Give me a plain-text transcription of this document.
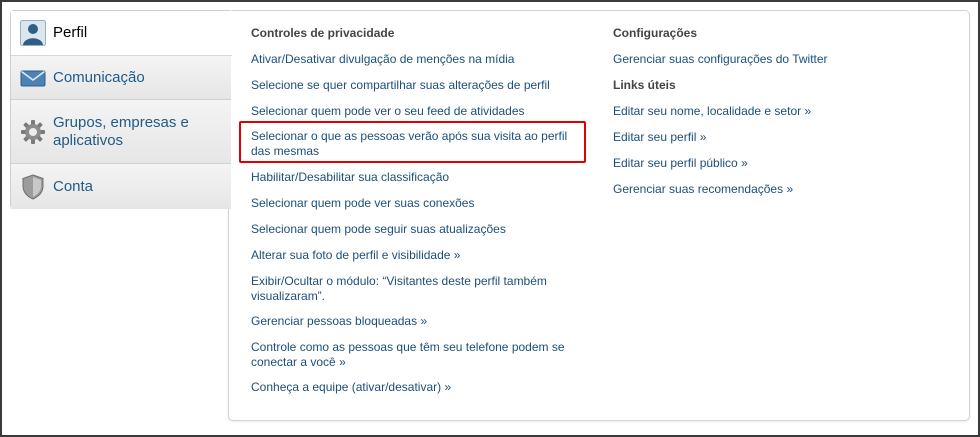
Perfil
Comunicação
Grupos, empresas e aplicativos
Conta
Controles de privacidade
Ativar/Desativar divulgação de menções na mídia
Selecione se quer compartilhar suas alterações de perfil
Selecionar quem pode ver o seu feed de atividades
Selecionar o que as pessoas verão após sua visita ao perfil das mesmas
Habilitar/Desabilitar sua classificação
Selecionar quem pode ver suas conexões
Selecionar quem pode seguir suas atualizações
Alterar sua foto de perfil e visibilidade »
Exibir/Ocultar o módulo: “Visitantes deste perfil também visualizaram”.
Gerenciar pessoas bloqueadas »
Controle como as pessoas que têm seu telefone podem se conectar a você »
Conheça a equipe (ativar/desativar) »
Configurações
Gerenciar suas configurações do Twitter
Links úteis
Editar seu nome, localidade e setor »
Editar seu perfil »
Editar seu perfil público »
Gerenciar suas recomendações »
